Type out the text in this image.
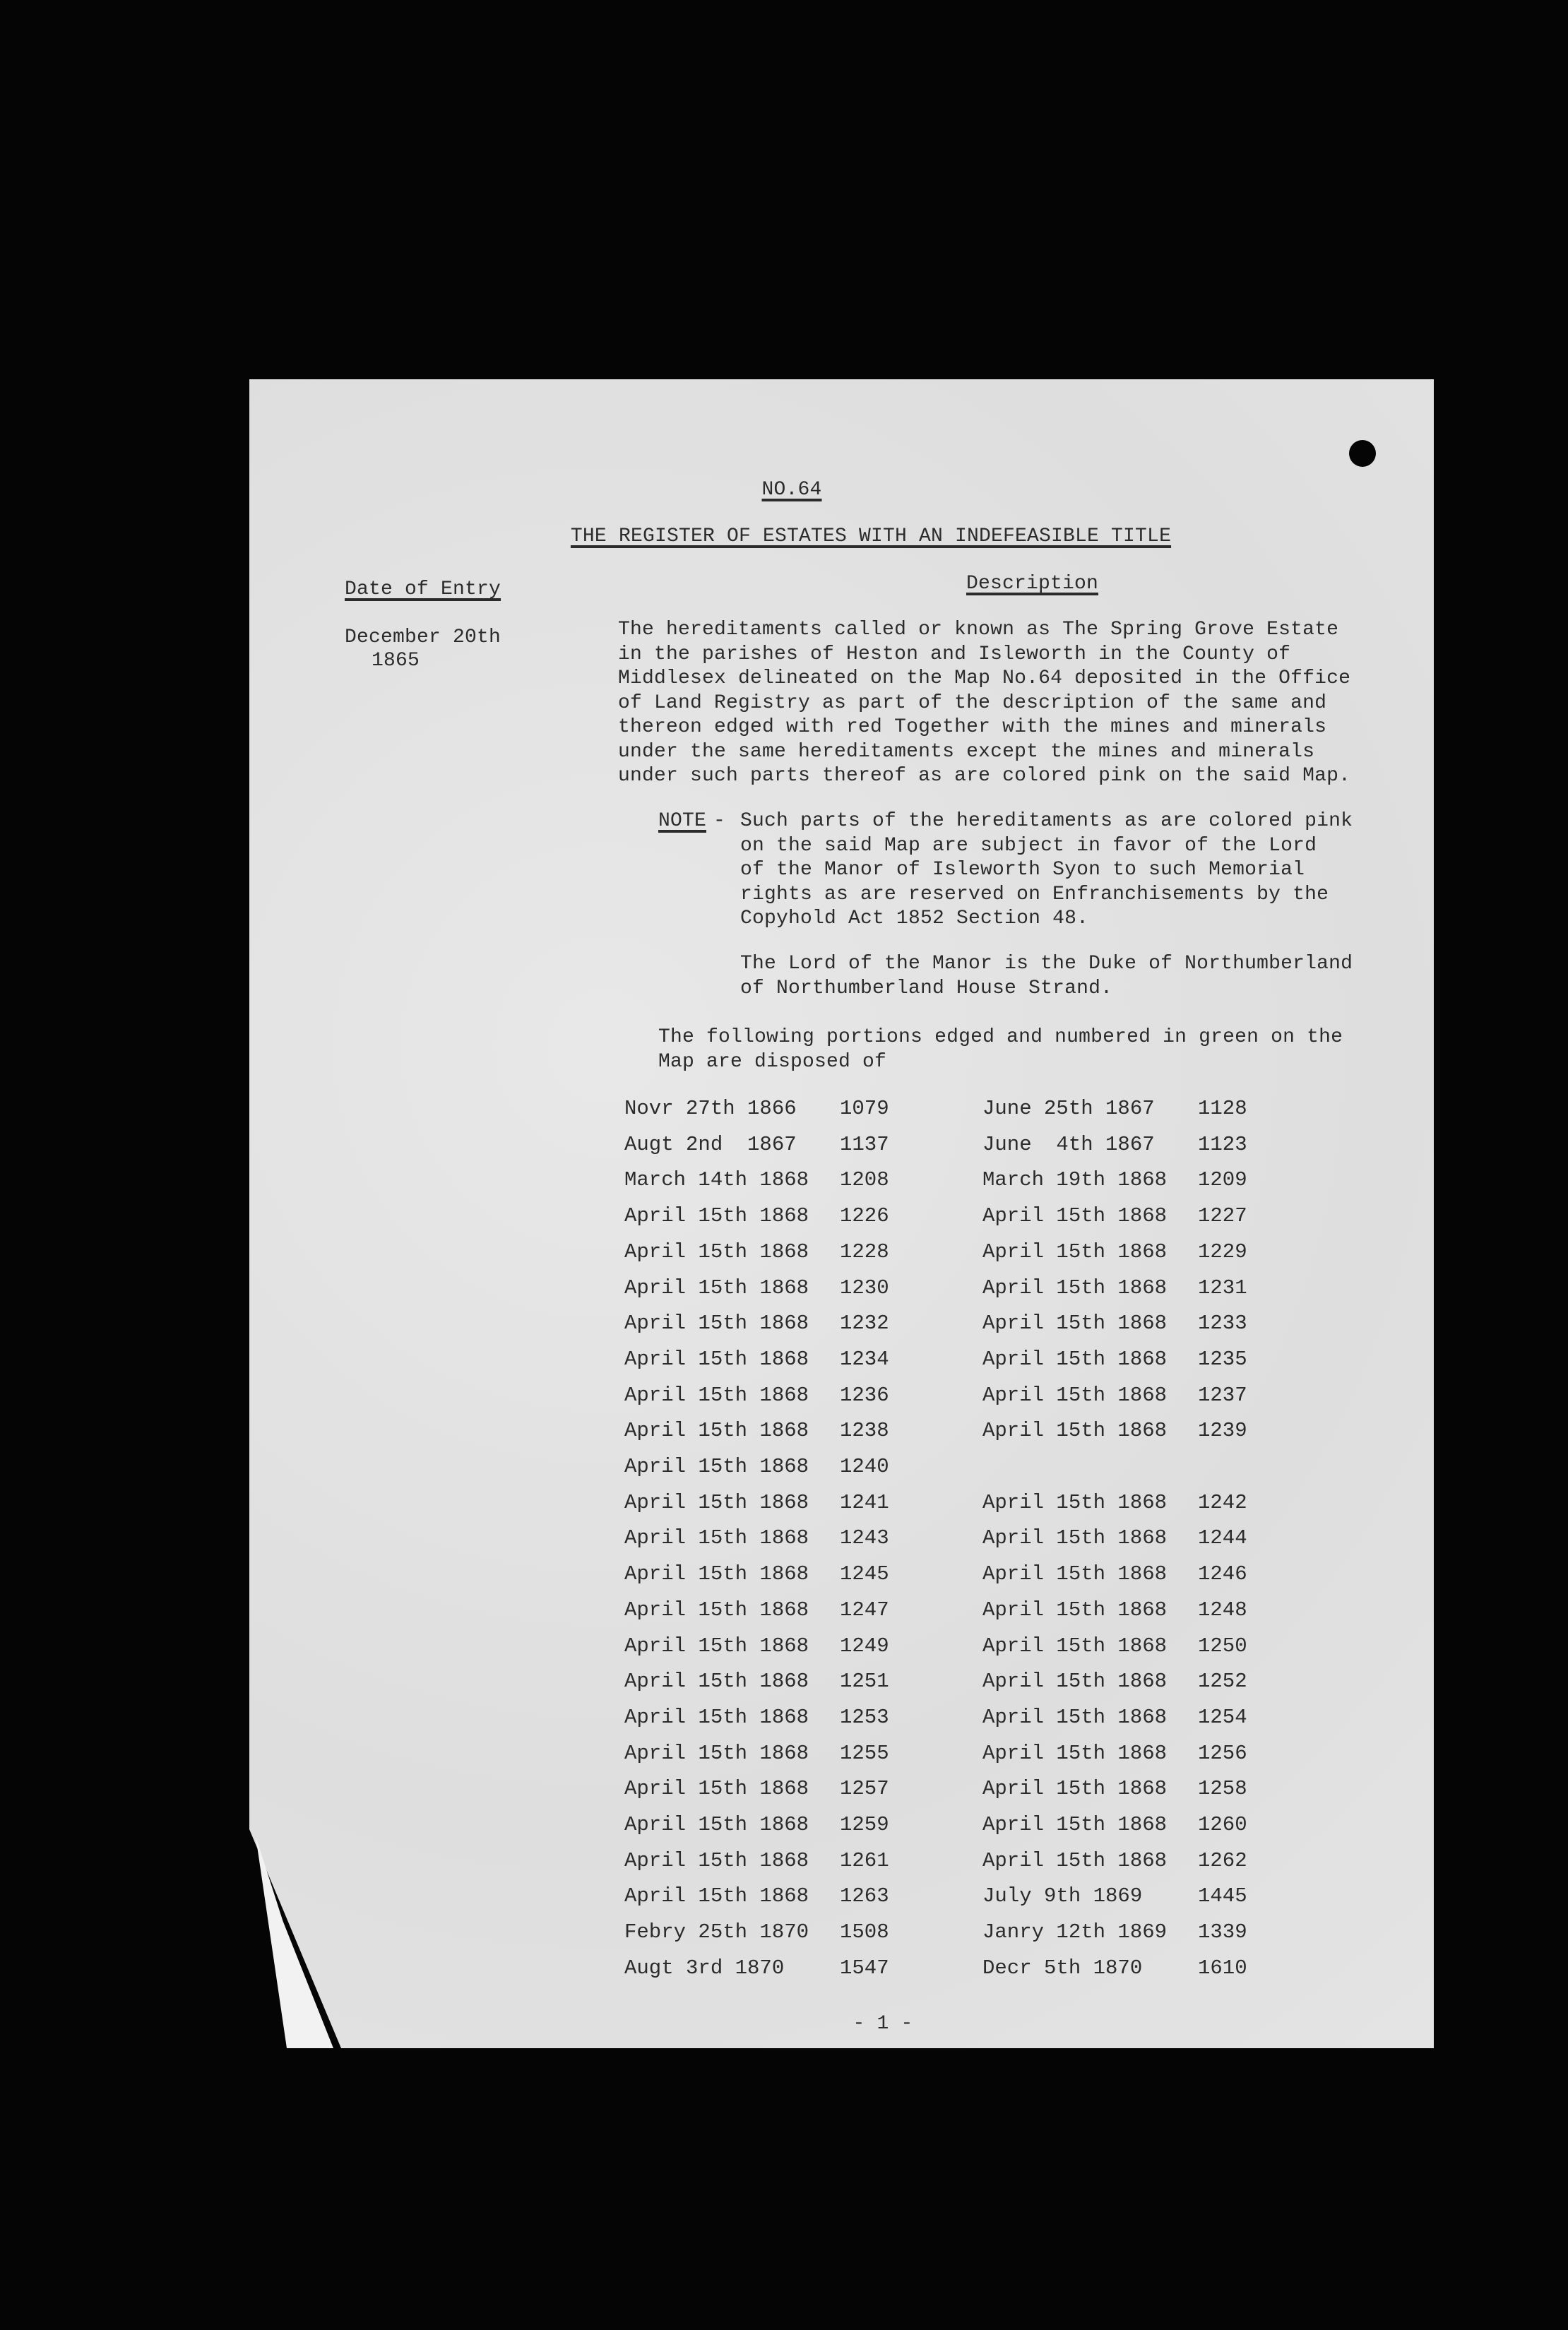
NO.64
THE REGISTER OF ESTATES WITH AN INDEFEASIBLE TITLE
Date of Entry	Description
December 20th
1865
The hereditaments called or known as The Spring Grove Estate
in the parishes of Heston and Isleworth in the County of
Middlesex delineated on the Map No.64 deposited in the Office
of Land Registry as part of the description of the same and
thereon edged with red Together with the mines and minerals
under the same hereditaments except the mines and minerals
under such parts thereof as are colored pink on the said Map.
NOTE - Such parts of the hereditaments as are colored pink
on the said Map are subject in favor of the Lord
of the Manor of Isleworth Syon to such Memorial
rights as are reserved on Enfranchisements by the
Copyhold Act 1852 Section 48.
The Lord of the Manor is the Duke of Northumberland
of Northumberland House Strand.
The following portions edged and numbered in green on the
Map are disposed of
Novr 27th 1866 1079	June 25th 1867 1128
Augt 2nd  1867 1137	June  4th 1867 1123
March 14th 1868 1208	March 19th 1868 1209
April 15th 1868 1226	April 15th 1868 1227
April 15th 1868 1228	April 15th 1868 1229
April 15th 1868 1230	April 15th 1868 1231
April 15th 1868 1232	April 15th 1868 1233
April 15th 1868 1234	April 15th 1868 1235
April 15th 1868 1236	April 15th 1868 1237
April 15th 1868 1238	April 15th 1868 1239
April 15th 1868 1240
April 15th 1868 1241	April 15th 1868 1242
April 15th 1868 1243	April 15th 1868 1244
April 15th 1868 1245	April 15th 1868 1246
April 15th 1868 1247	April 15th 1868 1248
April 15th 1868 1249	April 15th 1868 1250
April 15th 1868 1251	April 15th 1868 1252
April 15th 1868 1253	April 15th 1868 1254
April 15th 1868 1255	April 15th 1868 1256
April 15th 1868 1257	April 15th 1868 1258
April 15th 1868 1259	April 15th 1868 1260
April 15th 1868 1261	April 15th 1868 1262
April 15th 1868 1263	July 9th 1869	1445
Febry 25th 1870 1508	Janry 12th 1869 1339
Augt 3rd 1870	1547	Decr 5th 1870	1610
- 1 -
